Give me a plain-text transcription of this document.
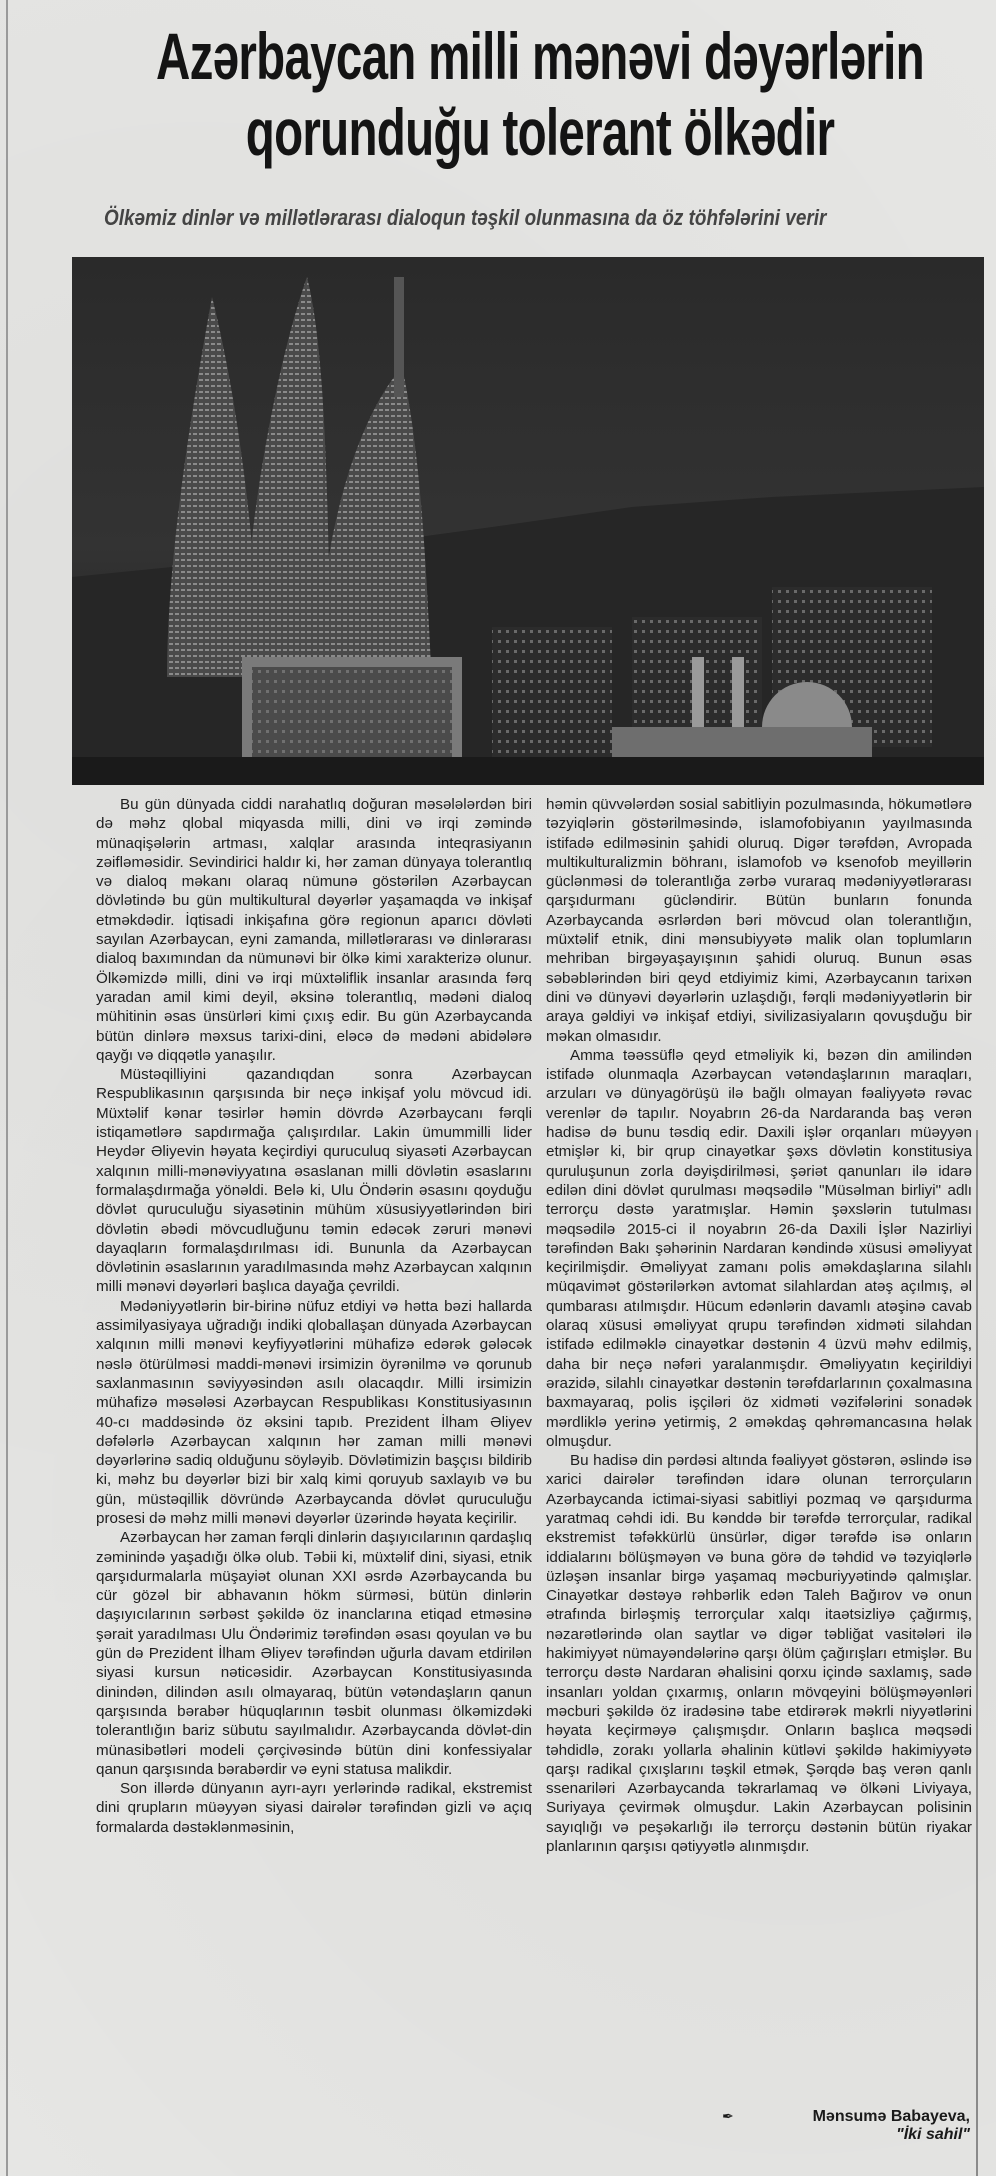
Azərbaycan milli mənəvi dəyərlərin
qorunduğu tolerant ölkədir
Ölkəmiz dinlər və millətlərarası dialoqun təşkil olunmasına da öz töhfələrini verir

Bu gün dünyada ciddi narahatlıq doğuran məsələlərdən biri də məhz qlobal miqyasda milli, dini və irqi zəmində münaqişələrin artması, xalqlar arasında inteqrasiyanın zəifləməsidir. Sevindirici haldır ki, hər zaman dünyaya tolerantlıq və dialoq məkanı olaraq nümunə göstərilən Azərbaycan dövlətində bu gün multikultural dəyərlər yaşamaqda və inkişaf etməkdədir. İqtisadi inkişafına görə regionun aparıcı dövləti sayılan Azərbaycan, eyni zamanda, millətlərarası və dinlərarası dialoq baxımından da nümunəvi bir ölkə kimi xarakterizə olunur. Ölkəmizdə milli, dini və irqi müxtəliflik insanlar arasında fərq yaradan amil kimi deyil, əksinə tolerantlıq, mədəni dialoq mühitinin əsas ünsürləri kimi çıxış edir. Bu gün Azərbaycanda bütün dinlərə məxsus tarixi-dini, eləcə də mədəni abidələrə qayğı və diqqətlə yanaşılır.

Müstəqilliyini qazandıqdan sonra Azərbaycan Respublikasının qarşısında bir neçə inkişaf yolu mövcud idi. Müxtəlif kənar təsirlər həmin dövrdə Azərbaycanı fərqli istiqamətlərə sapdırmağa çalışırdılar. Lakin ümummilli lider Heydər Əliyevin həyata keçirdiyi quruculuq siyasəti Azərbaycan xalqının milli-mənəviyyatına əsaslanan milli dövlətin əsaslarını formalaşdırmağa yönəldi. Belə ki, Ulu Öndərin əsasını qoyduğu dövlət quruculuğu siyasətinin mühüm xüsusiyyətlərindən biri dövlətin əbədi mövcudluğunu təmin edəcək zəruri mənəvi dayaqların formalaşdırılması idi. Bununla da Azərbaycan dövlətinin əsaslarının yaradılmasında məhz Azərbaycan xalqının milli mənəvi dəyərləri başlıca dayağa çevrildi.

Mədəniyyətlərin bir-birinə nüfuz etdiyi və hətta bəzi hallarda assimilyasiyaya uğradığı indiki qloballaşan dünyada Azərbaycan xalqının milli mənəvi keyfiyyətlərini mühafizə edərək gələcək nəslə ötürülməsi maddi-mənəvi irsimizin öyrənilmə və qorunub saxlanmasının səviyyəsindən asılı olacaqdır. Milli irsimizin mühafizə məsələsi Azərbaycan Respublikası Konstitusiyasının 40-cı maddəsində öz əksini tapıb. Prezident İlham Əliyev dəfələrlə Azərbaycan xalqının hər zaman milli mənəvi dəyərlərinə sadiq olduğunu söyləyib. Dövlətimizin başçısı bildirib ki, məhz bu dəyərlər bizi bir xalq kimi qoruyub saxlayıb və bu gün, müstəqillik dövründə Azərbaycanda dövlət quruculuğu prosesi də məhz milli mənəvi dəyərlər üzərində həyata keçirilir.

Azərbaycan hər zaman fərqli dinlərin daşıyıcılarının qardaşlıq zəminində yaşadığı ölkə olub. Təbii ki, müxtəlif dini, siyasi, etnik qarşıdurmalarla müşayiət olunan XXI əsrdə Azərbaycanda bu cür gözəl bir abhavanın hökm sürməsi, bütün dinlərin daşıyıcılarının sərbəst şəkildə öz inanclarına etiqad etməsinə şərait yaradılması Ulu Öndərimiz tərəfindən əsası qoyulan və bu gün də Prezident İlham Əliyev tərəfindən uğurla davam etdirilən siyasi kursun nəticəsidir. Azərbaycan Konstitusiyasında dinindən, dilindən asılı olmayaraq, bütün vətəndaşların qanun qarşısında bərabər hüquqlarının təsbit olunması ölkəmizdəki tolerantlığın bariz sübutu sayılmalıdır. Azərbaycanda dövlət-din münasibətləri modeli çərçivəsində bütün dini konfessiyalar qanun qarşısında bərabərdir və eyni statusa malikdir.

Son illərdə dünyanın ayrı-ayrı yerlərində radikal, ekstremist dini qrupların müəyyən siyasi dairələr tərəfindən gizli və açıq formalarda dəstəklənməsinin,

həmin qüvvələrdən sosial sabitliyin pozulmasında, hökumətlərə təzyiqlərin göstərilməsində, islamofobiyanın yayılmasında istifadə edilməsinin şahidi oluruq. Digər tərəfdən, Avropada multikulturalizmin böhranı, islamofob və ksenofob meyillərin güclənməsi də tolerantlığa zərbə vuraraq mədəniyyətlərarası qarşıdurmanı gücləndirir. Bütün bunların fonunda Azərbaycanda əsrlərdən bəri mövcud olan tolerantlığın, müxtəlif etnik, dini mənsubiyyətə malik olan toplumların mehriban birgəyaşayışının şahidi oluruq. Bunun əsas səbəblərindən biri qeyd etdiyimiz kimi, Azərbaycanın tarixən dini və dünyəvi dəyərlərin uzlaşdığı, fərqli mədəniyyətlərin bir araya gəldiyi və inkişaf etdiyi, sivilizasiyaların qovuşduğu bir məkan olmasıdır.

Amma təəssüflə qeyd etməliyik ki, bəzən din amilindən istifadə olunmaqla Azərbaycan vətəndaşlarının maraqları, arzuları və dünyagörüşü ilə bağlı olmayan fəaliyyətə rəvac verenlər də tapılır. Noyabrın 26-da Nardaranda baş verən hadisə də bunu təsdiq edir. Daxili işlər orqanları müəyyən etmişlər ki, bir qrup cinayətkar şəxs dövlətin konstitusiya quruluşunun zorla dəyişdirilməsi, şəriət qanunları ilə idarə edilən dini dövlət qurulması məqsədilə "Müsəlman birliyi" adlı terrorçu dəstə yaratmışlar. Həmin şəxslərin tutulması məqsədilə 2015-ci il noyabrın 26-da Daxili İşlər Nazirliyi tərəfindən Bakı şəhərinin Nardaran kəndində xüsusi əməliyyat keçirilmişdir. Əməliyyat zamanı polis əməkdaşlarına silahlı müqavimət göstərilərkən avtomat silahlardan atəş açılmış, əl qumbarası atılmışdır. Hücum edənlərin davamlı atəşinə cavab olaraq xüsusi əməliyyat qrupu tərəfindən xidməti silahdan istifadə edilməklə cinayətkar dəstənin 4 üzvü məhv edilmiş, daha bir neçə nəfəri yaralanmışdır. Əməliyyatın keçirildiyi ərazidə, silahlı cinayətkar dəstənin tərəfdarlarının çoxalmasına baxmayaraq, polis işçiləri öz xidməti vəzifələrini sonadək mərdliklə yerinə yetirmiş, 2 əməkdaş qəhrəmancasına həlak olmuşdur.

Bu hadisə din pərdəsi altında fəaliyyət göstərən, əslində isə xarici dairələr tərəfindən idarə olunan terrorçuların Azərbaycanda ictimai-siyasi sabitliyi pozmaq və qarşıdurma yaratmaq cəhdi idi. Bu kənddə bir tərəfdə terrorçular, radikal ekstremist təfəkkürlü ünsürlər, digər tərəfdə isə onların iddialarını bölüşməyən və buna görə də təhdid və təzyiqlərlə üzləşən insanlar birgə yaşamaq məcburiyyətində qalmışlar. Cinayətkar dəstəyə rəhbərlik edən Taleh Bağırov və onun ətrafında birləşmiş terrorçular xalqı itaətsizliyə çağırmış, nəzarətlərində olan saytlar və digər təbliğat vasitələri ilə hakimiyyət nümayəndələrinə qarşı ölüm çağırışları etmişlər. Bu terrorçu dəstə Nardaran əhalisini qorxu içində saxlamış, sadə insanları yoldan çıxarmış, onların mövqeyini bölüşməyənləri məcburi şəkildə öz iradəsinə tabe etdirərək məkrli niyyətlərini həyata keçirməyə çalışmışdır. Onların başlıca məqsədi təhdidlə, zorakı yollarla əhalinin kütləvi şəkildə hakimiyyətə qarşı radikal çıxışlarını təşkil etmək, Şərqdə baş verən qanlı ssenariləri Azərbaycanda təkrarlamaq və ölkəni Liviyaya, Suriyaya çevirmək olmuşdur. Lakin Azərbaycan polisinin sayıqlığı və peşəkarlığı ilə terrorçu dəstənin bütün riyakar planlarının qarşısı qətiyyətlə alınmışdır.

✒	Mənsumə Babayeva,
"İki sahil"
